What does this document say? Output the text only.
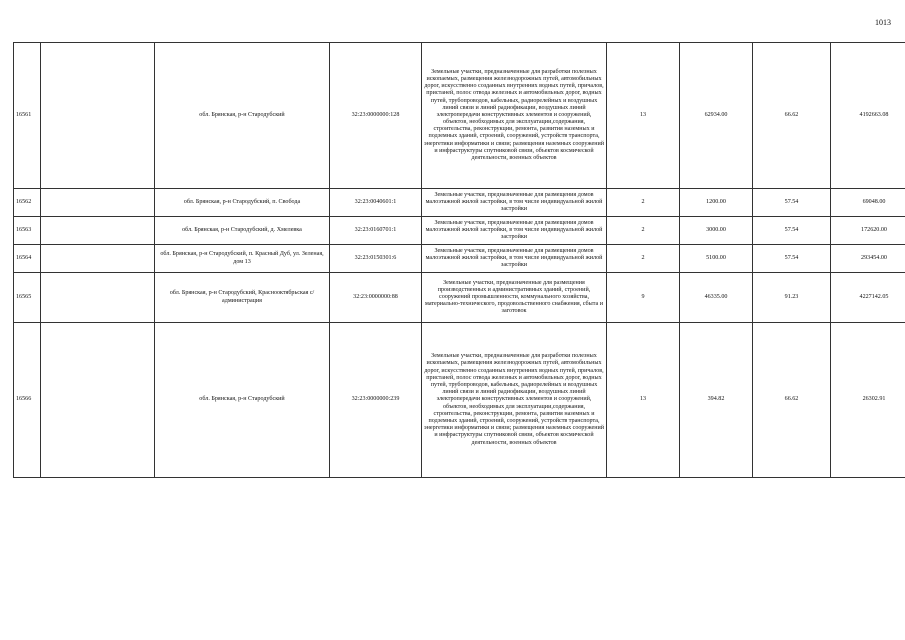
1013
16561		обл. Брянская, р-н Стародубский	32:23:0000000:128	Земельные участки, предназначенные для разработки полезных ископаемых, размещения железнодорожных путей, автомобильных дорог, искусственно созданных внутренних водных путей, причалов, пристаней, полос отвода железных и автомобильных дорог, водных путей, трубопроводов, кабельных, радиорелейных и воздушных линий связи и линий радиофикации, воздушных линий электропередачи конструктивных элементов и сооружений, объектов, необходимых для эксплуатации,содержания, строительства, реконструкции, ремонта, развития наземных и подземных зданий, строений, сооружений, устройств транспорта, энергетики информатики и связи; размещения наземных сооружений и инфраструктуры спутниковой связи, объектов космической деятельности, военных объектов	13	62934.00	66.62	4192663.08
16562		обл. Брянская, р-н Стародубский, п. Свобода	32:23:0040601:1	Земельные участки, предназначенные для размещения домов малоэтажной жилой застройки, в том числе индивидуальной жилой застройки	2	1200.00	57.54	69048.00
16563		обл. Брянская, р-н Стародубский, д. Хмелевка	32:23:0160701:1	Земельные участки, предназначенные для размещения домов малоэтажной жилой застройки, в том числе индивидуальной жилой застройки	2	3000.00	57.54	172620.00
16564		обл. Брянская, р-н Стародубский, п. Красный Дуб, ул. Зеленая, дом 13	32:23:0150301:6	Земельные участки, предназначенные для размещения домов малоэтажной жилой застройки, в том числе индивидуальной жилой застройки	2	5100.00	57.54	293454.00
16565		обл. Брянская, р-н Стародубский, Краснооктябрьская с/администрация	32:23:0000000:88	Земельные участки, предназначенные для размещения производственных и административных зданий, строений, сооружений промышленности, коммунального хозяйства, материально-технического, продовольственного снабжения, сбыта и заготовок	9	46335.00	91.23	4227142.05
16566		обл. Брянская, р-н Стародубский	32:23:0000000:239	Земельные участки, предназначенные для разработки полезных ископаемых, размещения железнодорожных путей, автомобильных дорог, искусственно созданных внутренних водных путей, причалов, пристаней, полос отвода железных и автомобильных дорог, водных путей, трубопроводов, кабельных, радиорелейных и воздушных линий связи и линий радиофикации, воздушных линий электропередачи конструктивных элементов и сооружений, объектов, необходимых для эксплуатации,содержания, строительства, реконструкции, ремонта, развития наземных и подземных зданий, строений, сооружений, устройств транспорта, энергетики информатики и связи; размещения наземных сооружений и инфраструктуры спутниковой связи, объектов космической деятельности, военных объектов	13	394.82	66.62	26302.91
